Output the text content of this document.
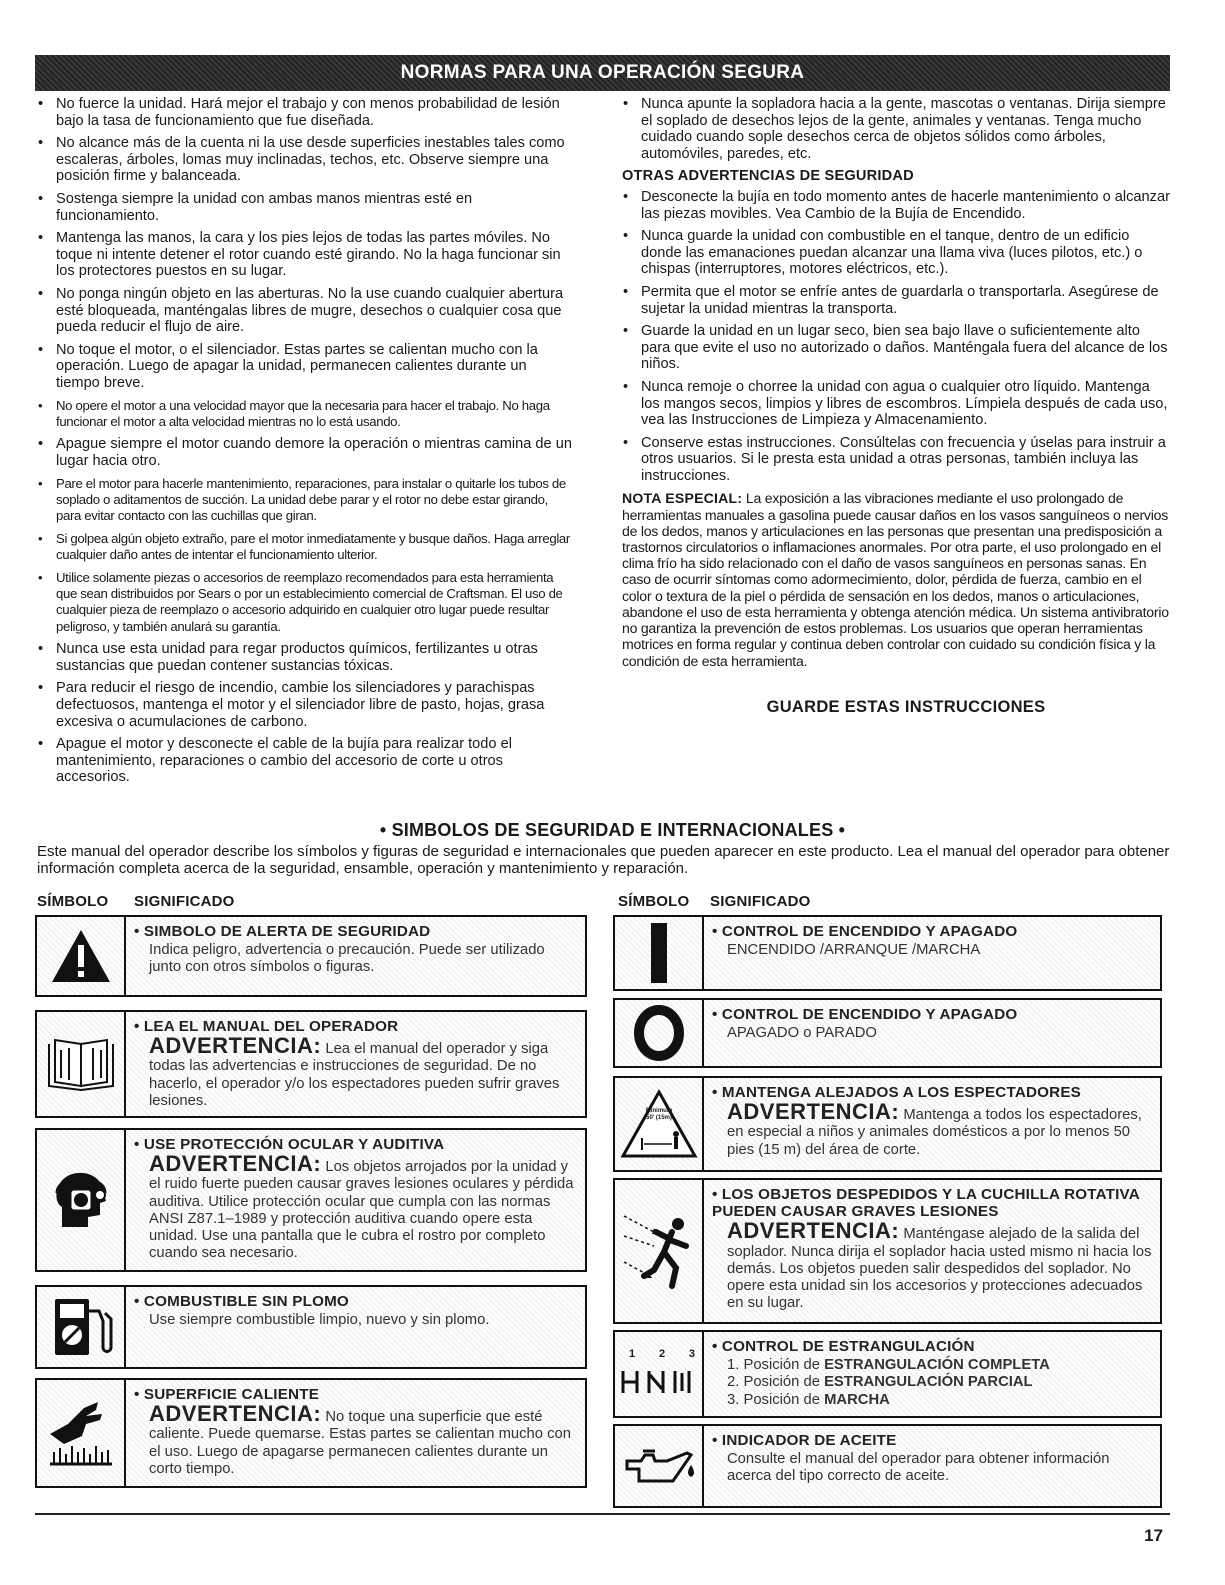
NORMAS PARA UNA OPERACIÓN SEGURA
• No fuerce la unidad. Hará mejor el trabajo y con menos probabilidad de lesión bajo la tasa de funcionamiento que fue diseñada.
• No alcance más de la cuenta ni la use desde superficies inestables tales como escaleras, árboles, lomas muy inclinadas, techos, etc. Observe siempre una posición firme y balanceada.
• Sostenga siempre la unidad con ambas manos mientras esté en funcionamiento.
• Mantenga las manos, la cara y los pies lejos de todas las partes móviles. No toque ni intente detener el rotor cuando esté girando. No la haga funcionar sin los protectores puestos en su lugar.
• No ponga ningún objeto en las aberturas. No la use cuando cualquier abertura esté bloqueada, manténgalas libres de mugre, desechos o cualquier cosa que pueda reducir el flujo de aire.
• No toque el motor, o el silenciador. Estas partes se calientan mucho con la operación. Luego de apagar la unidad, permanecen calientes durante un tiempo breve.
• No opere el motor a una velocidad mayor que la necesaria para hacer el trabajo. No haga funcionar el motor a alta velocidad mientras no lo está usando.
• Apague siempre el motor cuando demore la operación o mientras camina de un lugar hacia otro.
• Pare el motor para hacerle mantenimiento, reparaciones, para instalar o quitarle los tubos de soplado o aditamentos de succión. La unidad debe parar y el rotor no debe estar girando, para evitar contacto con las cuchillas que giran.
• Si golpea algún objeto extraño, pare el motor inmediatamente y busque daños. Haga arreglar cualquier daño antes de intentar el funcionamiento ulterior.
• Utilice solamente piezas o accesorios de reemplazo recomendados para esta herramienta que sean distribuidos por Sears o por un establecimiento comercial de Craftsman. El uso de cualquier pieza de reemplazo o accesorio adquirido en cualquier otro lugar puede resultar peligroso, y también anulará su garantía.
• Nunca use esta unidad para regar productos químicos, fertilizantes u otras sustancias que puedan contener sustancias tóxicas.
• Para reducir el riesgo de incendio, cambie los silenciadores y parachispas defectuosos, mantenga el motor y el silenciador libre de pasto, hojas, grasa excesiva o acumulaciones de carbono.
• Apague el motor y desconecte el cable de la bujía para realizar todo el mantenimiento, reparaciones o cambio del accesorio de corte u otros accesorios.
• Nunca apunte la sopladora hacia a la gente, mascotas o ventanas. Dirija siempre el soplado de desechos lejos de la gente, animales y ventanas. Tenga mucho cuidado cuando sople desechos cerca de objetos sólidos como árboles, automóviles, paredes, etc.
OTRAS ADVERTENCIAS DE SEGURIDAD
• Desconecte la bujía en todo momento antes de hacerle mantenimiento o alcanzar las piezas movibles. Vea Cambio de la Bujía de Encendido.
• Nunca guarde la unidad con combustible en el tanque, dentro de un edificio donde las emanaciones puedan alcanzar una llama viva (luces pilotos, etc.) o chispas (interruptores, motores eléctricos, etc.).
• Permita que el motor se enfríe antes de guardarla o transportarla. Asegúrese de sujetar la unidad mientras la transporta.
• Guarde la unidad en un lugar seco, bien sea bajo llave o suficientemente alto para que evite el uso no autorizado o daños. Manténgala fuera del alcance de los niños.
• Nunca remoje o chorree la unidad con agua o cualquier otro líquido. Mantenga los mangos secos, limpios y libres de escombros. Límpiela después de cada uso, vea las Instrucciones de Limpieza y Almacenamiento.
• Conserve estas instrucciones. Consúltelas con frecuencia y úselas para instruir a otros usuarios. Si le presta esta unidad a otras personas, también incluya las instrucciones.
NOTA ESPECIAL: La exposición a las vibraciones mediante el uso prolongado de herramientas manuales a gasolina puede causar daños en los vasos sanguíneos o nervios de los dedos, manos y articulaciones en las personas que presentan una predisposición a trastornos circulatorios o inflamaciones anormales. Por otra parte, el uso prolongado en el clima frío ha sido relacionado con el daño de vasos sanguíneos en personas sanas. En caso de ocurrir síntomas como adormecimiento, dolor, pérdida de fuerza, cambio en el color o textura de la piel o pérdida de sensación en los dedos, manos o articulaciones, abandone el uso de esta herramienta y obtenga atención médica. Un sistema antivibratorio no garantiza la prevención de estos problemas. Los usuarios que operan herramientas motrices en forma regular y continua deben controlar con cuidado su condición física y la condición de esta herramienta.
GUARDE ESTAS INSTRUCCIONES
• SIMBOLOS DE SEGURIDAD E INTERNACIONALES •
Este manual del operador describe los símbolos y figuras de seguridad e internacionales que pueden aparecer en este producto. Lea el manual del operador para obtener información completa acerca de la seguridad, ensamble, operación y mantenimiento y reparación.
SÍMBOLO SIGNIFICADO	SÍMBOLO SIGNIFICADO
• SIMBOLO DE ALERTA DE SEGURIDAD
Indica peligro, advertencia o precaución. Puede ser utilizado junto con otros símbolos o figuras.
• LEA EL MANUAL DEL OPERADOR
ADVERTENCIA: Lea el manual del operador y siga todas las advertencias e instrucciones de seguridad. De no hacerlo, el operador y/o los espectadores pueden sufrir graves lesiones.
• USE PROTECCIÓN OCULAR Y AUDITIVA
ADVERTENCIA: Los objetos arrojados por la unidad y el ruido fuerte pueden causar graves lesiones oculares y pérdida auditiva. Utilice protección ocular que cumpla con las normas ANSI Z87.1–1989 y protección auditiva cuando opere esta unidad. Use una pantalla que le cubra el rostro por completo cuando sea necesario.
• COMBUSTIBLE SIN PLOMO
Use siempre combustible limpio, nuevo y sin plomo.
• SUPERFICIE CALIENTE
ADVERTENCIA: No toque una superficie que esté caliente. Puede quemarse. Estas partes se calientan mucho con el uso. Luego de apagarse permanecen calientes durante un corto tiempo.
• CONTROL DE ENCENDIDO Y APAGADO
ENCENDIDO /ARRANQUE /MARCHA
• CONTROL DE ENCENDIDO Y APAGADO
APAGADO o PARADO
Minimum
50' (15m)
• MANTENGA ALEJADOS A LOS ESPECTADORES
ADVERTENCIA: Mantenga a todos los espectadores, en especial a niños y animales domésticos a por lo menos 50 pies (15 m) del área de corte.
• LOS OBJETOS DESPEDIDOS Y LA CUCHILLA ROTATIVA PUEDEN CAUSAR GRAVES LESIONES
ADVERTENCIA: Manténgase alejado de la salida del soplador. Nunca dirija el soplador hacia usted mismo ni hacia los demás. Los objetos pueden salir despedidos del soplador. No opere esta unidad sin los accesorios y protecciones adecuados en su lugar.
1 2 3 • CONTROL DE ESTRANGULACIÓN
1. Posición de ESTRANGULACIÓN COMPLETA
2. Posición de ESTRANGULACIÓN PARCIAL
3. Posición de MARCHA
• INDICADOR DE ACEITE
Consulte el manual del operador para obtener información acerca del tipo correcto de aceite.
17
